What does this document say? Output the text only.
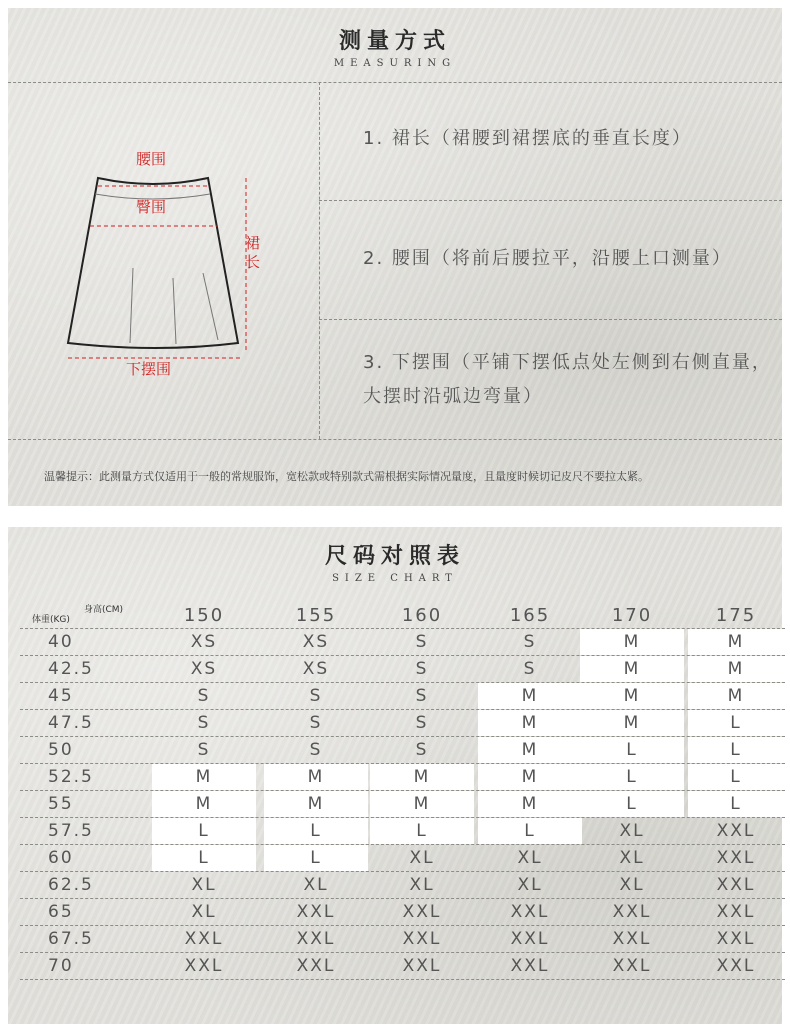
测量方式
MEASURING
腰围
臀围
裙
长
下摆围
1. 裙长（裙腰到裙摆底的垂直长度）
2. 腰围（将前后腰拉平，沿腰上口测量）
3. 下摆围（平铺下摆低点处左侧到右侧直量，大摆时沿弧边弯量）
温馨提示：此测量方式仅适用于一般的常规服饰，宽松款或特别款式需根据实际情况量度，且量度时候切记皮尺不要拉太紧。
尺码对照表
SIZE CHART
体重(KG)
身高(CM)	150	155	160	165	170	175
40	XS	XS	S	S	M	M
42.5	XS	XS	S	S	M	M
45	S	S	S	M	M	M
47.5	S	S	S	M	M	L
50	S	S	S	M	L	L
52.5	M	M	M	M	L	L
55	M	M	M	M	L	L
57.5	L	L	L	L	XL	XXL
60	L	L	XL	XL	XL	XXL
62.5	XL	XL	XL	XL	XL	XXL
65	XL	XXL	XXL	XXL	XXL	XXL
67.5	XXL	XXL	XXL	XXL	XXL	XXL
70	XXL	XXL	XXL	XXL	XXL	XXL
